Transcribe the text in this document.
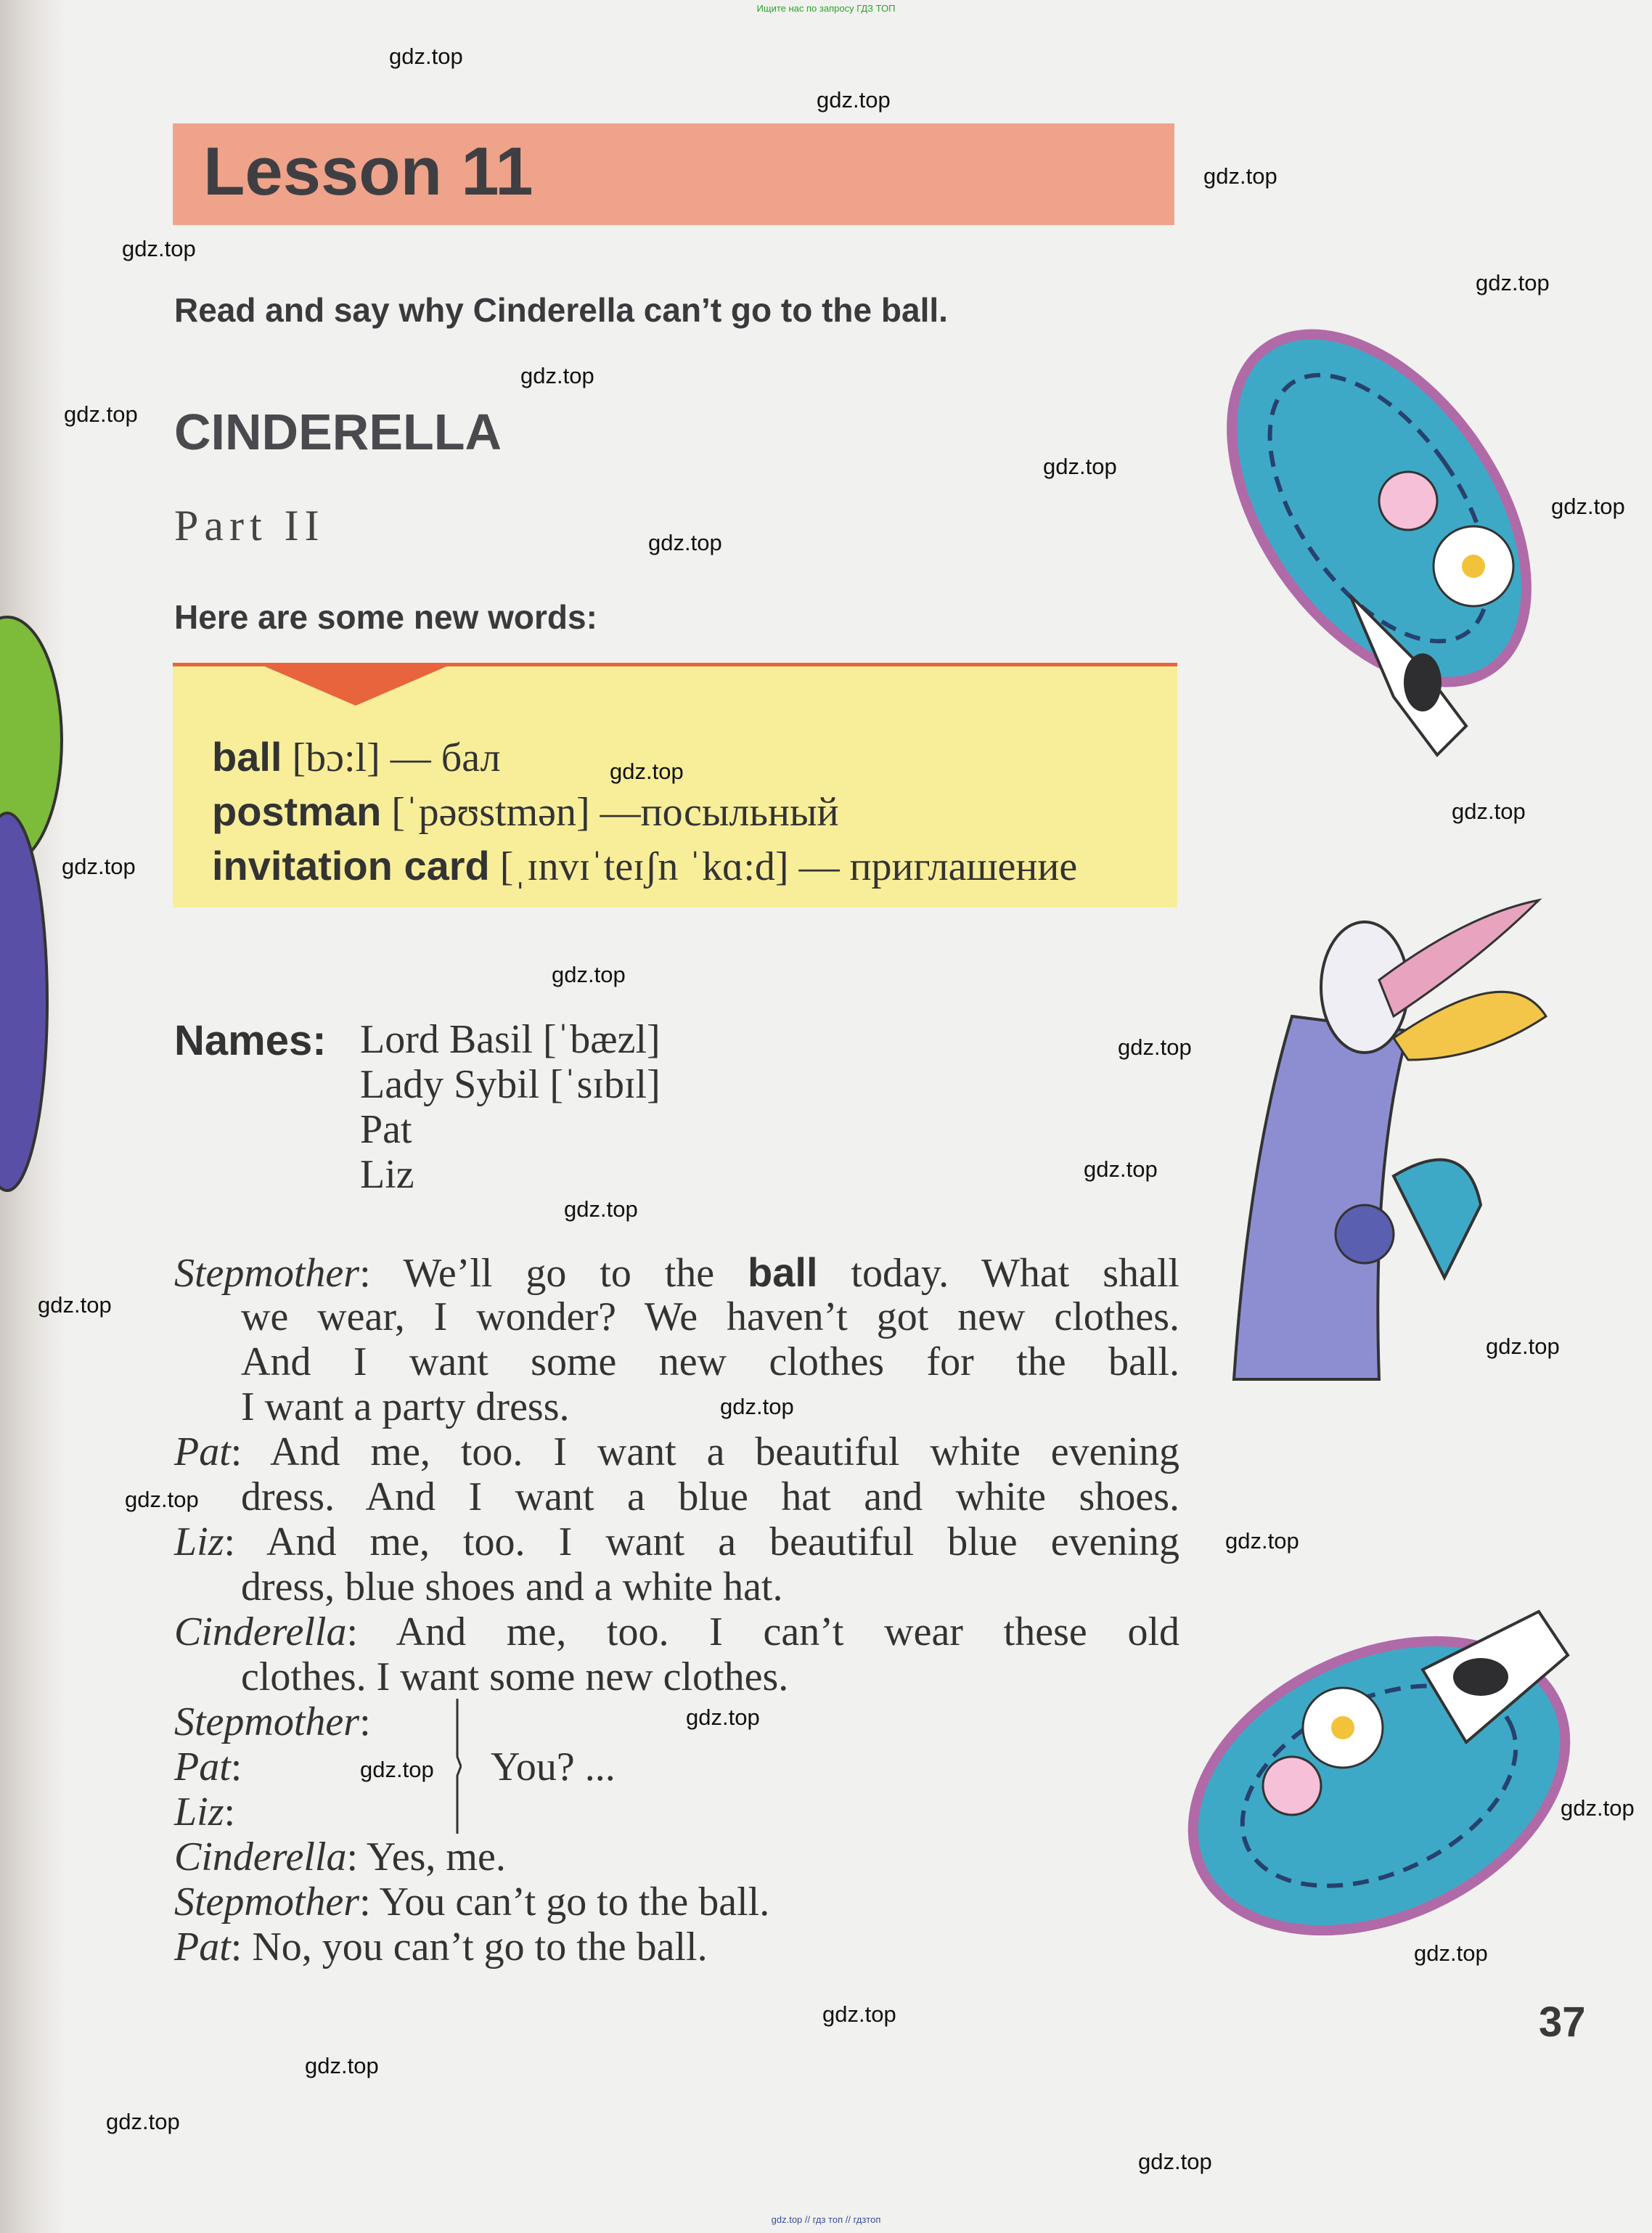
Ищите нас по запросу ГДЗ ТОП
Lesson 11
Read and say why Cinderella can’t go to the ball.
CINDERELLA
Part II
Here are some new words:
ball [bɔ:l] — бал
postman [ˈpəʊstmən] —посыльный
invitation card [ˌɪnvɪˈteɪʃn ˈkɑ:d] — приглашение
Names: Lord Basil [ˈbæzl]
Lady Sybil [ˈsɪbɪl]
Pat
Liz
Stepmother: We’ll go to the ball today. What shall
we wear, I wonder? We haven’t got new clothes.
And I want some new clothes for the ball.
I want a party dress.
Pat: And me, too. I want a beautiful white evening
dress. And I want a blue hat and white shoes.
Liz: And me, too. I want a beautiful blue evening
dress, blue shoes and a white hat.
Cinderella: And me, too. I can’t wear these old
clothes. I want some new clothes.
Stepmother:
Pat:
Liz:
You? ...
Cinderella: Yes, me.
Stepmother: You can’t go to the ball.
Pat: No, you can’t go to the ball.
37
gdz.top
gdz.top
gdz.top
gdz.top
gdz.top
gdz.top
gdz.top
gdz.top
gdz.top
gdz.top
gdz.top
gdz.top
gdz.top
gdz.top
gdz.top
gdz.top
gdz.top
gdz.top
gdz.top
gdz.top
gdz.top
gdz.top
gdz.top
gdz.top
gdz.top
gdz.top
gdz.top
gdz.top
gdz.top
gdz.top
gdz.top // гдз топ // гдзтоп
